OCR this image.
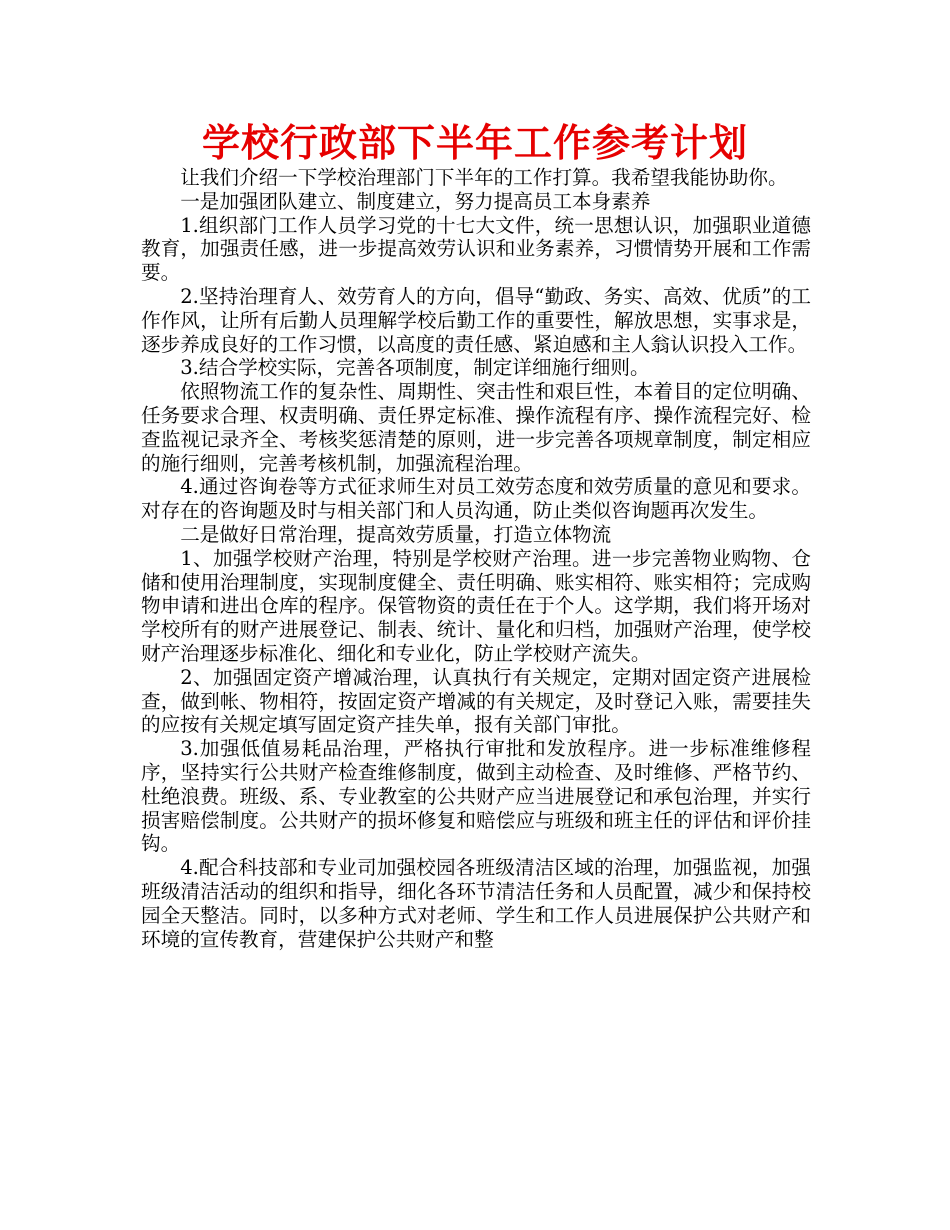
学校行政部下半年工作参考计划

让我们介绍一下学校治理部门下半年的工作打算。我希望我能协助你。

一是加强团队建立、制度建立，努力提高员工本身素养

1.组织部门工作人员学习党的十七大文件，统一思想认识，加强职业道德教育，加强责任感，进一步提高效劳认识和业务素养，习惯情势开展和工作需要。

2.坚持治理育人、效劳育人的方向，倡导“勤政、务实、高效、优质”的工作作风，让所有后勤人员理解学校后勤工作的重要性，解放思想，实事求是，逐步养成良好的工作习惯，以高度的责任感、紧迫感和主人翁认识投入工作。

3.结合学校实际，完善各项制度，制定详细施行细则。

依照物流工作的复杂性、周期性、突击性和艰巨性，本着目的定位明确、任务要求合理、权责明确、责任界定标准、操作流程有序、操作流程完好、检查监视记录齐全、考核奖惩清楚的原则，进一步完善各项规章制度，制定相应的施行细则，完善考核机制，加强流程治理。

4.通过咨询卷等方式征求师生对员工效劳态度和效劳质量的意见和要求。对存在的咨询题及时与相关部门和人员沟通，防止类似咨询题再次发生。

二是做好日常治理，提高效劳质量，打造立体物流

1、加强学校财产治理，特别是学校财产治理。进一步完善物业购物、仓储和使用治理制度，实现制度健全、责任明确、账实相符、账实相符；完成购物申请和进出仓库的程序。保管物资的责任在于个人。这学期，我们将开场对学校所有的财产进展登记、制表、统计、量化和归档，加强财产治理，使学校财产治理逐步标准化、细化和专业化，防止学校财产流失。

2、加强固定资产增减治理，认真执行有关规定，定期对固定资产进展检查，做到帐、物相符，按固定资产增减的有关规定，及时登记入账，需要挂失的应按有关规定填写固定资产挂失单，报有关部门审批。

3.加强低值易耗品治理，严格执行审批和发放程序。进一步标准维修程序，坚持实行公共财产检查维修制度，做到主动检查、及时维修、严格节约、杜绝浪费。班级、系、专业教室的公共财产应当进展登记和承包治理，并实行损害赔偿制度。公共财产的损坏修复和赔偿应与班级和班主任的评估和评价挂钩。

4.配合科技部和专业司加强校园各班级清洁区域的治理，加强监视，加强班级清洁活动的组织和指导，细化各环节清洁任务和人员配置，减少和保持校园全天整洁。同时，以多种方式对老师、学生和工作人员进展保护公共财产和环境的宣传教育，营建保护公共财产和整
